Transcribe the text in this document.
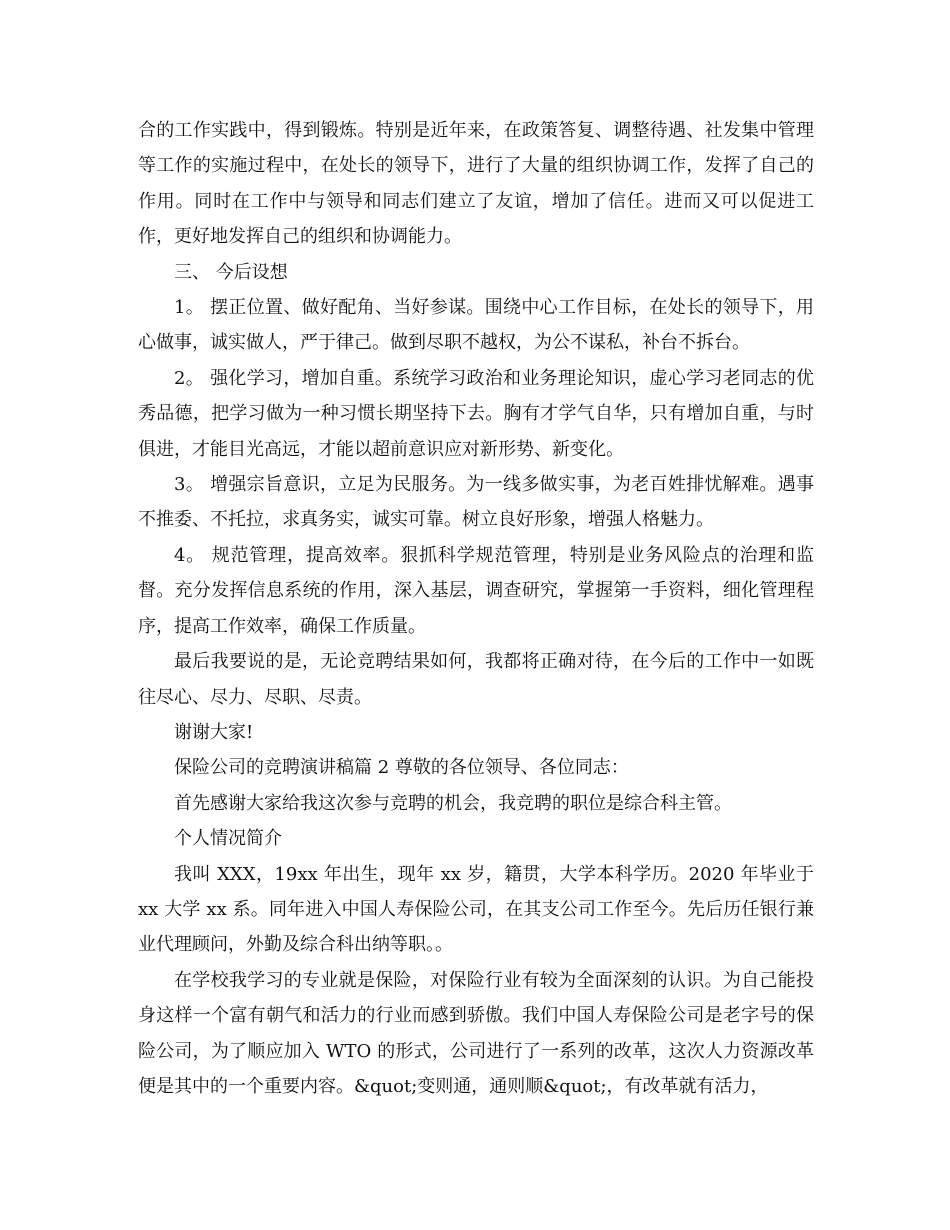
合的工作实践中，得到锻炼。特别是近年来，在政策答复、调整待遇、社发集中管理等工作的实施过程中，在处长的领导下，进行了大量的组织协调工作，发挥了自己的作用。同时在工作中与领导和同志们建立了友谊，增加了信任。进而又可以促进工作，更好地发挥自己的组织和协调能力。

三、 今后设想

1。 摆正位置、做好配角、当好参谋。围绕中心工作目标，在处长的领导下，用心做事，诚实做人，严于律己。做到尽职不越权，为公不谋私，补台不拆台。

2。 强化学习，增加自重。系统学习政治和业务理论知识，虚心学习老同志的优秀品德，把学习做为一种习惯长期坚持下去。胸有才学气自华，只有增加自重，与时俱进，才能目光高远，才能以超前意识应对新形势、新变化。

3。 增强宗旨意识，立足为民服务。为一线多做实事，为老百姓排忧解难。遇事不推委、不托拉，求真务实，诚实可靠。树立良好形象，增强人格魅力。

4。 规范管理，提高效率。狠抓科学规范管理，特别是业务风险点的治理和监督。充分发挥信息系统的作用，深入基层，调查研究，掌握第一手资料，细化管理程序，提高工作效率，确保工作质量。

最后我要说的是，无论竞聘结果如何，我都将正确对待，在今后的工作中一如既往尽心、尽力、尽职、尽责。

谢谢大家!

保险公司的竞聘演讲稿篇 2 尊敬的各位领导、各位同志：

首先感谢大家给我这次参与竞聘的机会，我竞聘的职位是综合科主管。

个人情况简介

我叫 XXX，19xx 年出生，现年 xx 岁，籍贯，大学本科学历。2020 年毕业于 xx 大学 xx 系。同年进入中国人寿保险公司，在其支公司工作至今。先后历任银行兼业代理顾问，外勤及综合科出纳等职。。

在学校我学习的专业就是保险，对保险行业有较为全面深刻的认识。为自己能投身这样一个富有朝气和活力的行业而感到骄傲。我们中国人寿保险公司是老字号的保险公司，为了顺应加入 WTO 的形式，公司进行了一系列的改革，这次人力资源改革便是其中的一个重要内容。&quot;变则通，通则顺&quot;，有改革就有活力，
